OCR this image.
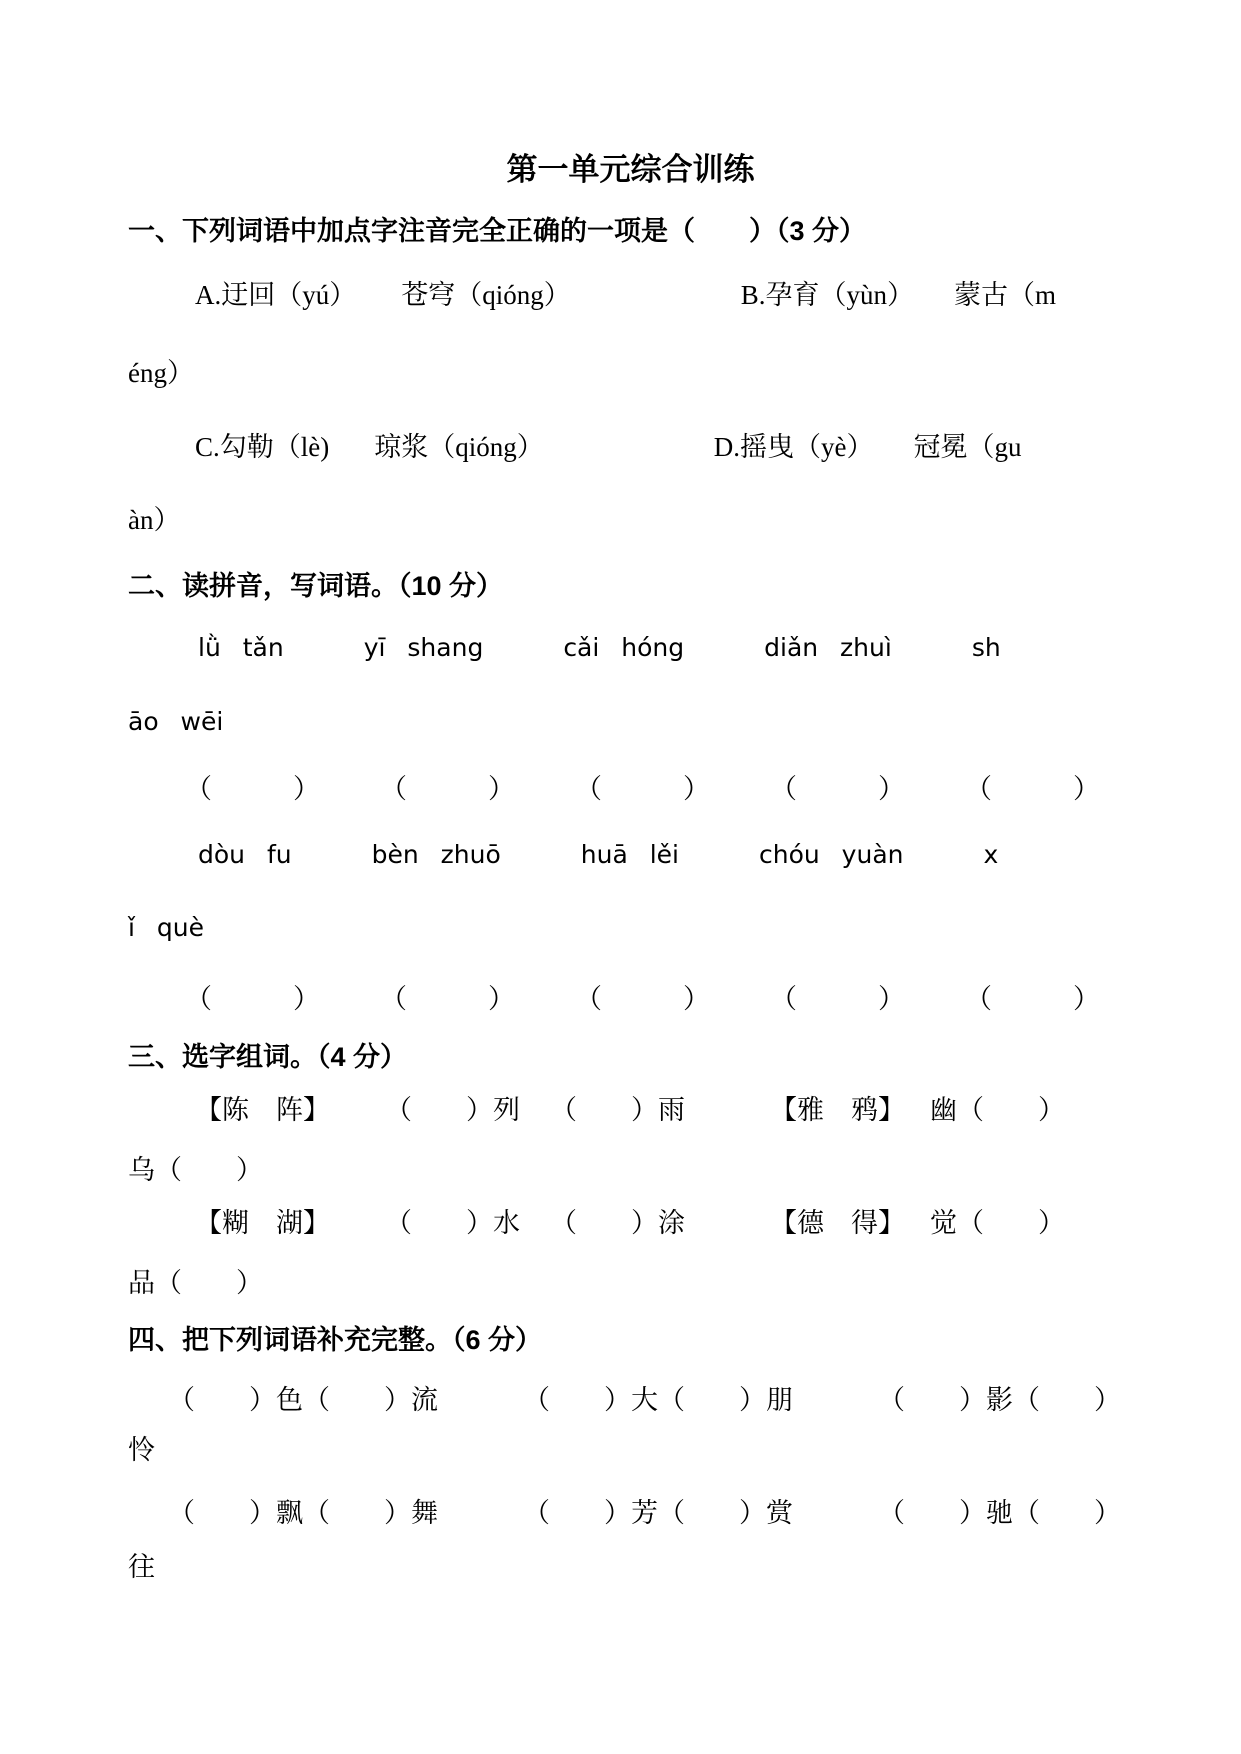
第一单元综合训练
一、下列词语中加点字注音完全正确的一项是（　　）（3 分）
A.迂回（yú） 苍穹（qióng）	B.孕育（yùn） 蒙古（m
éng）
C.勾勒（lè) 琼浆（qióng）	D.摇曳（yè） 冠冕（gu
àn）
二、读拼音，写词语。（10 分）
lǜ tǎn	yī shang	cǎi hóng	diǎn zhuì	sh
āo wēi
（　　　） （　　　） （　　　） （　　　） （　　　）
dòu fu	bèn zhuō	huā lěi	chóu yuàn	x
ǐ què
（　　　） （　　　） （　　　） （　　　） （　　　）
三、选字组词。（4 分）
【陈　阵】 （　　）列 （　　）雨	【雅　鸦】 幽（　　）
乌（　　）
【糊　湖】 （　　）水 （　　）涂	【德　得】 觉（　　）
品（　　）
四、把下列词语补充完整。（6 分）
（　　）色（　　）流	（　　）大（　　）朋	（　　）影（　　）
怜
（　　）飘（　　）舞	（　　）芳（　　）赏	（　　）驰（　　）
往
